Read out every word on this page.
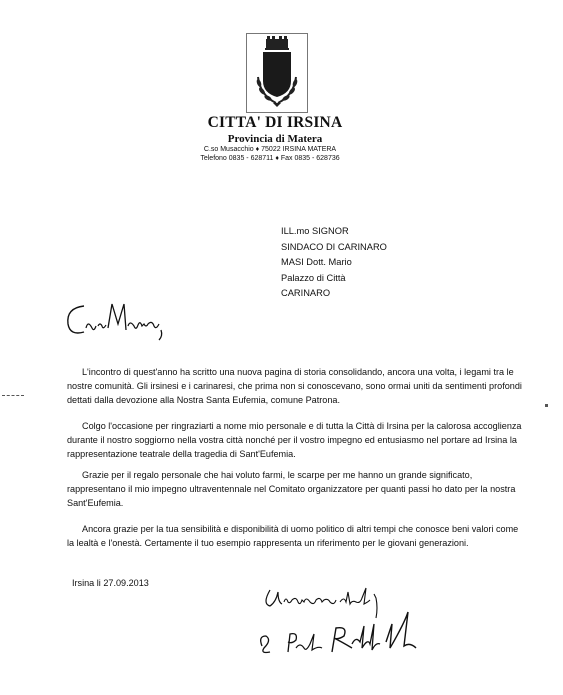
CITTA' DI IRSINA
Provincia di Matera
C.so Musacchio ♦ 75022 IRSINA MATERA
Telefono 0835 - 628711 ♦ Fax 0835 - 628736
ILL.mo SIGNOR
SINDACO DI CARINARO
MASI Dott. Mario
Palazzo di Città
CARINARO

L'incontro di quest'anno ha scritto una nuova pagina di storia consolidando, ancora una volta, i legami tra le nostre comunità. Gli irsinesi e i carinaresi, che prima non si conoscevano, sono ormai uniti da sentimenti profondi dettati dalla devozione alla Nostra Santa Eufemia, comune Patrona.

Colgo l'occasione per ringraziarti a nome mio personale e di tutta la Città di Irsina per la calorosa accoglienza durante il nostro soggiorno nella vostra città nonché per il vostro impegno ed entusiasmo nel portare ad Irsina la rappresentazione teatrale della tragedia di Sant'Eufemia.

Grazie per il regalo personale che hai voluto farmi, le scarpe per me hanno un grande significato, rappresentano il mio impegno ultraventennale nel Comitato organizzatore per quanti passi ho dato per la nostra Sant'Eufemia.

Ancora grazie per la tua sensibilità e disponibilità di uomo politico di altri tempi che conosce beni valori come la lealtà e l'onestà. Certamente il tuo esempio rappresenta un riferimento per le giovani generazioni.

Irsina li 27.09.2013
